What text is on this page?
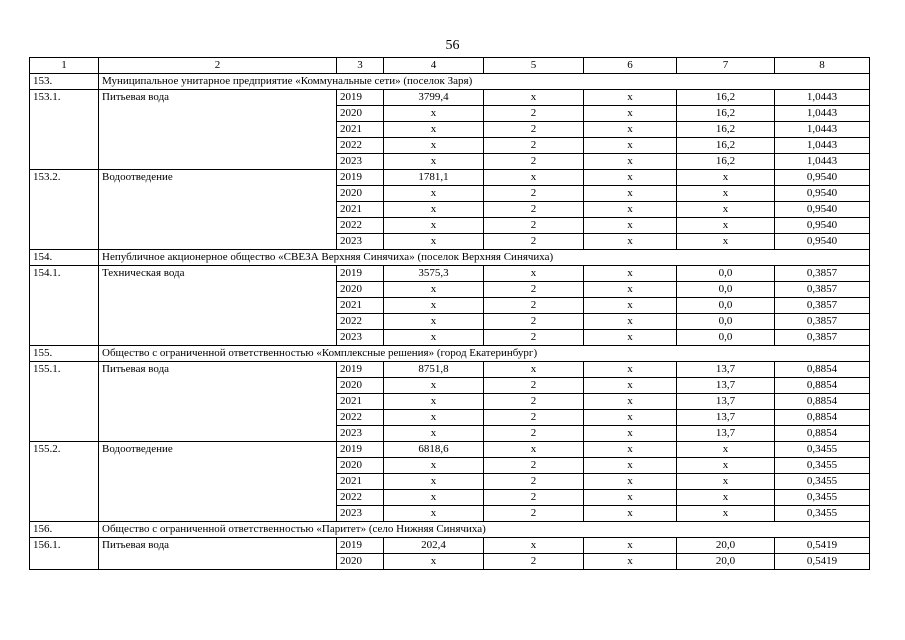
56
1	2	3	4	5	6	7	8
153.	Муниципальное унитарное предприятие «Коммунальные сети» (поселок Заря)						
153.1.	Питьевая вода	2019	3799,4	x	x	16,2	1,0443
		2020	x	2	x	16,2	1,0443
		2021	x	2	x	16,2	1,0443
		2022	x	2	x	16,2	1,0443
		2023	x	2	x	16,2	1,0443
153.2.	Водоотведение	2019	1781,1	x	x	x	0,9540
		2020	x	2	x	x	0,9540
		2021	x	2	x	x	0,9540
		2022	x	2	x	x	0,9540
		2023	x	2	x	x	0,9540
154.	Непубличное акционерное общество «СВЕЗА Верхняя Синячиха» (поселок Верхняя Синячиха)						
154.1.	Техническая вода	2019	3575,3	x	x	0,0	0,3857
		2020	x	2	x	0,0	0,3857
		2021	x	2	x	0,0	0,3857
		2022	x	2	x	0,0	0,3857
		2023	x	2	x	0,0	0,3857
155.	Общество с ограниченной ответственностью «Комплексные решения» (город Екатеринбург)						
155.1.	Питьевая вода	2019	8751,8	x	x	13,7	0,8854
		2020	x	2	x	13,7	0,8854
		2021	x	2	x	13,7	0,8854
		2022	x	2	x	13,7	0,8854
		2023	x	2	x	13,7	0,8854
155.2.	Водоотведение	2019	6818,6	x	x	x	0,3455
		2020	x	2	x	x	0,3455
		2021	x	2	x	x	0,3455
		2022	x	2	x	x	0,3455
		2023	x	2	x	x	0,3455
156.	Общество с ограниченной ответственностью «Паритет» (село Нижняя Синячиха)						
156.1.	Питьевая вода	2019	202,4	x	x	20,0	0,5419
		2020	x	2	x	20,0	0,5419
